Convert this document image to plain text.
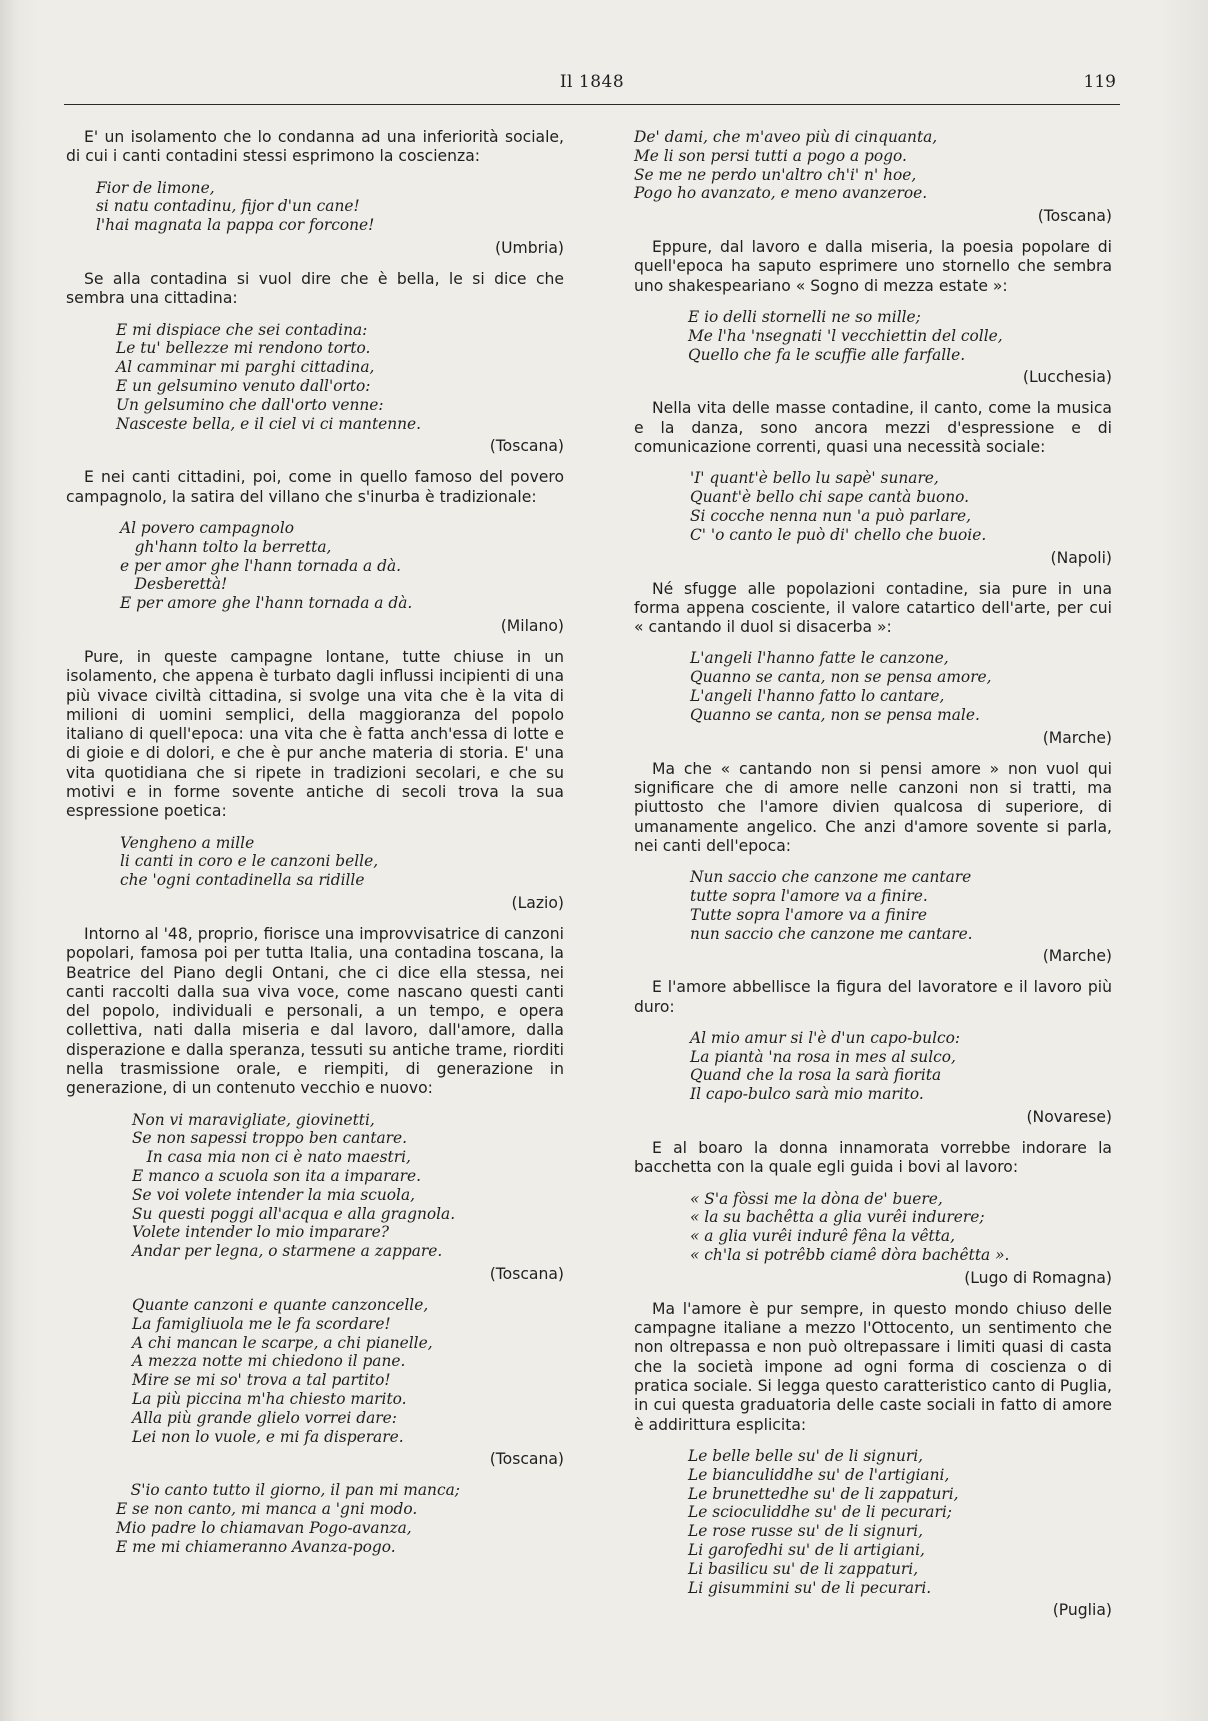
Il 1848	119

E' un isolamento che lo condanna ad una inferiorità sociale, di cui i canti contadini stessi esprimono la coscienza:

Fior de limone,
si natu contadinu, fijor d'un cane!
l'hai magnata la pappa cor forcone!
(Umbria)

Se alla contadina si vuol dire che è bella, le si dice che sembra una cittadina:

E mi dispiace che sei contadina:
Le tu' bellezze mi rendono torto.
Al camminar mi parghi cittadina,
E un gelsumino venuto dall'orto:
Un gelsumino che dall'orto venne:
Nasceste bella, e il ciel vi ci mantenne.
(Toscana)

E nei canti cittadini, poi, come in quello famoso del povero campagnolo, la satira del villano che s'inurba è tradizionale:

Al povero campagnolo
gh'hann tolto la berretta,
e per amor ghe l'hann tornada a dà.
Desberettà!
E per amore ghe l'hann tornada a dà.
(Milano)

Pure, in queste campagne lontane, tutte chiuse in un isolamento, che appena è turbato dagli influssi incipienti di una più vivace civiltà cittadina, si svolge una vita che è la vita di milioni di uomini semplici, della maggioranza del popolo italiano di quell'epoca: una vita che è fatta anch'essa di lotte e di gioie e di dolori, e che è pur anche materia di storia. E' una vita quotidiana che si ripete in tradizioni secolari, e che su motivi e in forme sovente antiche di secoli trova la sua espressione poetica:

Vengheno a mille
li canti in coro e le canzoni belle,
che 'ogni contadinella sa ridille
(Lazio)

Intorno al '48, proprio, fiorisce una improvvisatrice di canzoni popolari, famosa poi per tutta Italia, una contadina toscana, la Beatrice del Piano degli Ontani, che ci dice ella stessa, nei canti raccolti dalla sua viva voce, come nascano questi canti del popolo, individuali e personali, a un tempo, e opera collettiva, nati dalla miseria e dal lavoro, dall'amore, dalla disperazione e dalla speranza, tessuti su antiche trame, riorditi nella trasmissione orale, e riempiti, di generazione in generazione, di un contenuto vecchio e nuovo:

Non vi maravigliate, giovinetti,
Se non sapessi troppo ben cantare.
In casa mia non ci è nato maestri,
E manco a scuola son ita a imparare.
Se voi volete intender la mia scuola,
Su questi poggi all'acqua e alla gragnola.
Volete intender lo mio imparare?
Andar per legna, o starmene a zappare.
(Toscana)
Quante canzoni e quante canzoncelle,
La famigliuola me le fa scordare!
A chi mancan le scarpe, a chi pianelle,
A mezza notte mi chiedono il pane.
Mire se mi so' trova a tal partito!
La più piccina m'ha chiesto marito.
Alla più grande glielo vorrei dare:
Lei non lo vuole, e mi fa disperare.
(Toscana)
S'io canto tutto il giorno, il pan mi manca;
E se non canto, mi manca a 'gni modo.
Mio padre lo chiamavan Pogo-avanza,
E me mi chiameranno Avanza-pogo.
De' dami, che m'aveo più di cinquanta,
Me li son persi tutti a pogo a pogo.
Se me ne perdo un'altro ch'i' n' hoe,
Pogo ho avanzato, e meno avanzeroe.
(Toscana)

Eppure, dal lavoro e dalla miseria, la poesia popolare di quell'epoca ha saputo esprimere uno stornello che sembra uno shakespeariano « Sogno di mezza estate »:

E io delli stornelli ne so mille;
Me l'ha 'nsegnati 'l vecchiettin del colle,
Quello che fa le scuffie alle farfalle.
(Lucchesia)

Nella vita delle masse contadine, il canto, come la musica e la danza, sono ancora mezzi d'espressione e di comunicazione correnti, quasi una necessità sociale:

'I' quant'è bello lu sapè' sunare,
Quant'è bello chi sape cantà buono.
Si cocche nenna nun 'a può parlare,
C' 'o canto le può di' chello che buoie.
(Napoli)

Né sfugge alle popolazioni contadine, sia pure in una forma appena cosciente, il valore catartico dell'arte, per cui « cantando il duol si disacerba »:

L'angeli l'hanno fatte le canzone,
Quanno se canta, non se pensa amore,
L'angeli l'hanno fatto lo cantare,
Quanno se canta, non se pensa male.
(Marche)

Ma che « cantando non si pensi amore » non vuol qui significare che di amore nelle canzoni non si tratti, ma piuttosto che l'amore divien qualcosa di superiore, di umanamente angelico. Che anzi d'amore sovente si parla, nei canti dell'epoca:

Nun saccio che canzone me cantare
tutte sopra l'amore va a finire.
Tutte sopra l'amore va a finire
nun saccio che canzone me cantare.
(Marche)

E l'amore abbellisce la figura del lavoratore e il lavoro più duro:

Al mio amur si l'è d'un capo-bulco:
La piantà 'na rosa in mes al sulco,
Quand che la rosa la sarà fiorita
Il capo-bulco sarà mio marito.
(Novarese)

E al boaro la donna innamorata vorrebbe indorare la bacchetta con la quale egli guida i bovi al lavoro:

« S'a fòssi me la dòna de' buere,
« la su bachêtta a glia vurêi indurere;
« a glia vurêi indurê fêna la vêtta,
« ch'la si potrêbb ciamê dòra bachêtta ».
(Lugo di Romagna)

Ma l'amore è pur sempre, in questo mondo chiuso delle campagne italiane a mezzo l'Ottocento, un sentimento che non oltrepassa e non può oltrepassare i limiti quasi di casta che la società impone ad ogni forma di coscienza o di pratica sociale. Si legga questo caratteristico canto di Puglia, in cui questa graduatoria delle caste sociali in fatto di amore è addirittura esplicita:

Le belle belle su' de li signuri,
Le bianculiddhe su' de l'artigiani,
Le brunettedhe su' de li zappaturi,
Le scioculiddhe su' de li pecurari;
Le rose russe su' de li signuri,
Li garofedhi su' de li artigiani,
Li basilicu su' de li zappaturi,
Li gisummini su' de li pecurari.
(Puglia)
